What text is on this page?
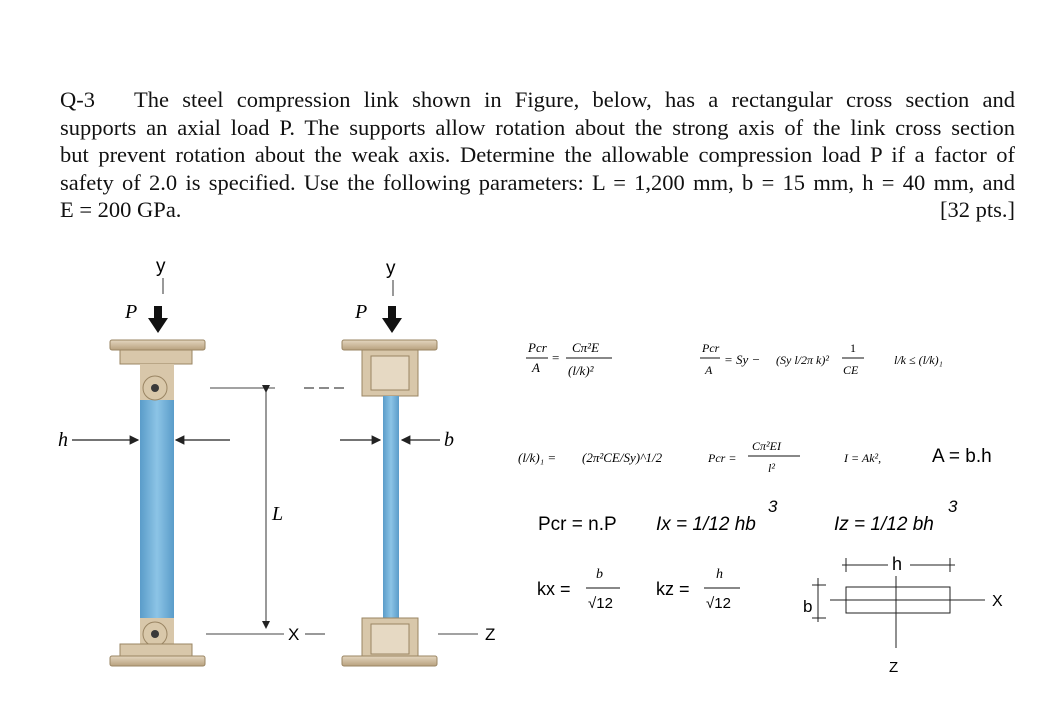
Q-3 The steel compression link shown in Figure, below, has a rectangular cross section and
supports an axial load P. The supports allow rotation about the strong axis of the link cross section
but prevent rotation about the weak axis. Determine the allowable compression load P if a factor of
safety of 2.0 is specified. Use the following parameters: L = 1,200 mm, b = 15 mm, h = 40 mm, and
E = 200 GPa.	[32 pts.]
y
P
h
L
X
y
P
b
Z
Pcr
A
=
Cπ²E
(l/k)²
Pcr
A
= Sy − (Sy l/2π k)²
1
CE
l/k ≤ (l/k)₁
(l/k)₁ = (2π²CE/Sy)^1/2	Pcr =
Cπ²EI
l²
I = Ak²,	A = b.h
Pcr = n.P Ix = 1/12 hb
3
Iz = 1/12 bh
3
kx =
b
√12
kz =
h
√12
h
X
Z

b
